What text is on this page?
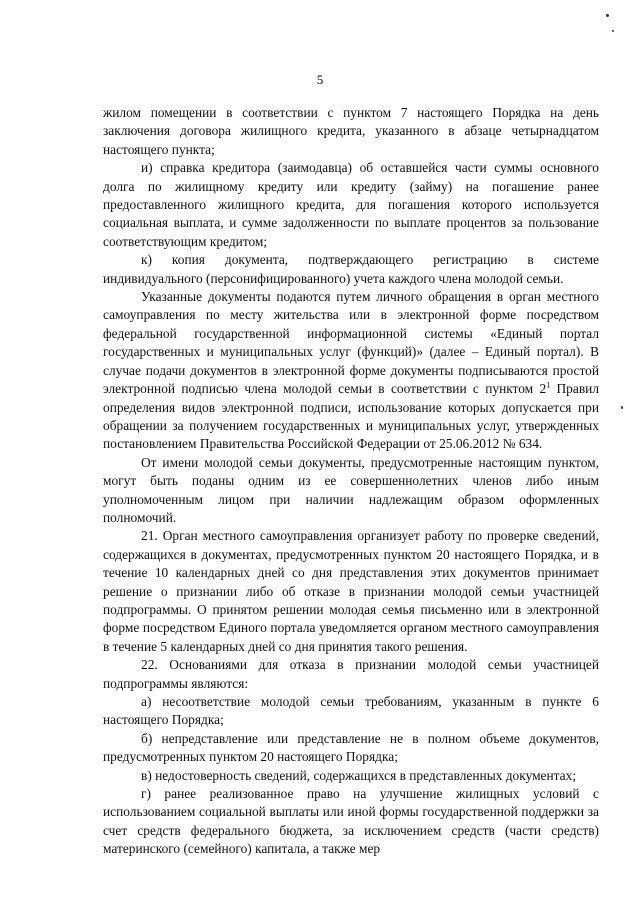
5

жилом помещении в соответствии с пунктом 7 настоящего Порядка на день заключения договора жилищного кредита, указанного в абзаце четырнадцатом настоящего пункта;

и) справка кредитора (заимодавца) об оставшейся части суммы основного долга по жилищному кредиту или кредиту (займу) на погашение ранее предоставленного жилищного кредита, для погашения которого используется социальная выплата, и сумме задолженности по выплате процентов за пользование соответствующим кредитом;

к) копия документа, подтверждающего регистрацию в системе индивидуального (персонифицированного) учета каждого члена молодой семьи.

Указанные документы подаются путем личного обращения в орган местного самоуправления по месту жительства или в электронной форме посредством федеральной государственной информационной системы «Единый портал государственных и муниципальных услуг (функций)» (далее – Единый портал). В случае подачи документов в электронной форме документы подписываются простой электронной подписью члена молодой семьи в соответствии с пунктом $2^1$ Правил определения видов электронной подписи, использование которых допускается при обращении за получением государственных и муниципальных услуг, утвержденных постановлением Правительства Российской Федерации от 25.06.2012 № 634.

От имени молодой семьи документы, предусмотренные настоящим пунктом, могут быть поданы одним из ее совершеннолетних членов либо иным уполномоченным лицом при наличии надлежащим образом оформленных полномочий.

21. Орган местного самоуправления организует работу по проверке сведений, содержащихся в документах, предусмотренных пунктом 20 настоящего Порядка, и в течение 10 календарных дней со дня представления этих документов принимает решение о признании либо об отказе в признании молодой семьи участницей подпрограммы. О принятом решении молодая семья письменно или в электронной форме посредством Единого портала уведомляется органом местного самоуправления в течение 5 календарных дней со дня принятия такого решения.

22. Основаниями для отказа в признании молодой семьи участницей подпрограммы являются:

а) несоответствие молодой семьи требованиям, указанным в пункте 6 настоящего Порядка;

б) непредставление или представление не в полном объеме документов, предусмотренных пунктом 20 настоящего Порядка;

в) недостоверность сведений, содержащихся в представленных документах;

г) ранее реализованное право на улучшение жилищных условий с использованием социальной выплаты или иной формы государственной поддержки за счет средств федерального бюджета, за исключением средств (части средств) материнского (семейного) капитала, а также мер
